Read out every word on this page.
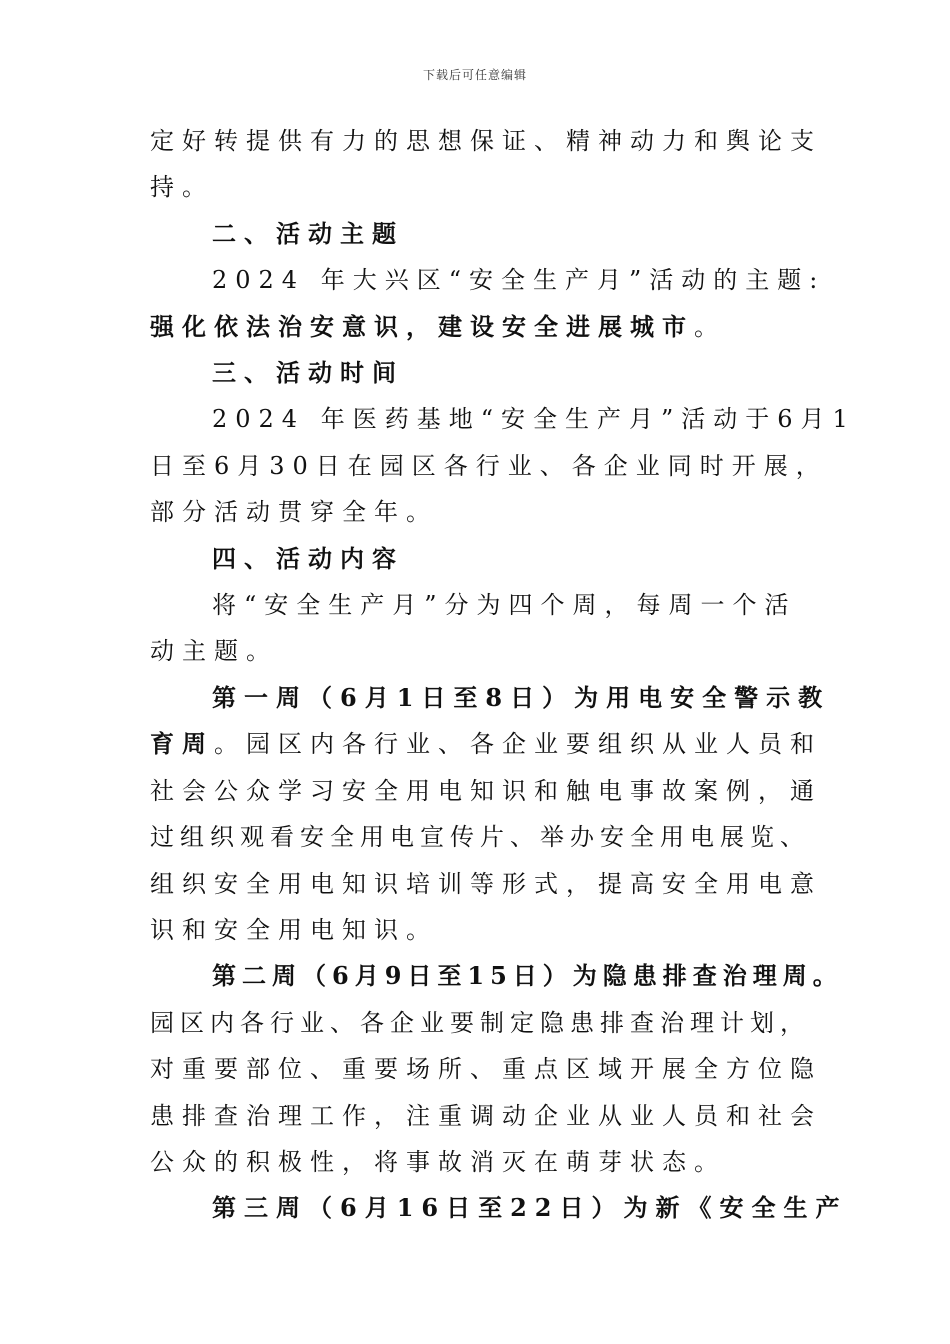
下载后可任意编辑

定好转提供有力的思想保证、精神动力和舆论支

持。

二、活动主题

2024 年大兴区“安全生产月”活动的主题:

强化依法治安意识，建设安全进展城市。

三、活动时间

2024 年医药基地“安全生产月”活动于6月1

日至6月30日在园区各行业、各企业同时开展，

部分活动贯穿全年。

四、活动内容

将“安全生产月”分为四个周，每周一个活

动主题。

第一周（6月1日至8日）为用电安全警示教

育周。园区内各行业、各企业要组织从业人员和

社会公众学习安全用电知识和触电事故案例，通

过组织观看安全用电宣传片、举办安全用电展览、

组织安全用电知识培训等形式，提高安全用电意

识和安全用电知识。

第二周（6月9日至15日）为隐患排查治理周。

园区内各行业、各企业要制定隐患排查治理计划，

对重要部位、重要场所、重点区域开展全方位隐

患排查治理工作，注重调动企业从业人员和社会

公众的积极性，将事故消灭在萌芽状态。

第三周（6月16日至22日）为新《安全生产
